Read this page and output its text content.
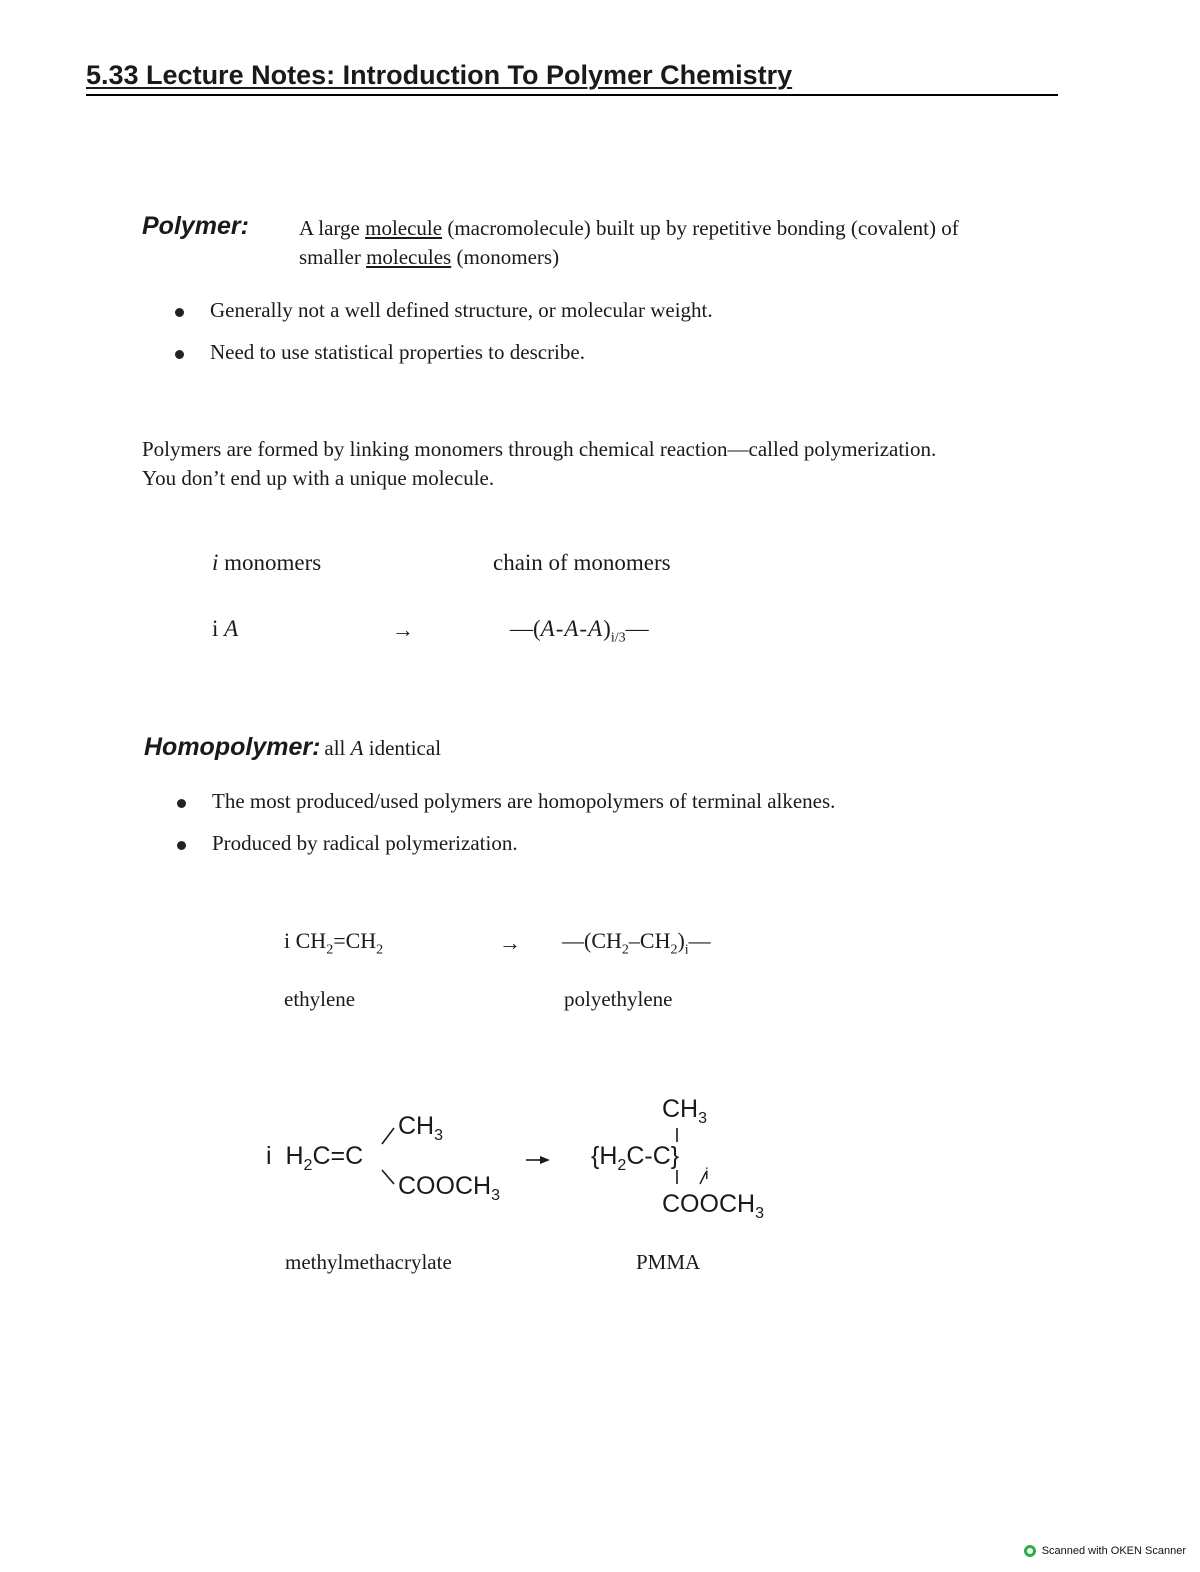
5.33 Lecture Notes: Introduction To Polymer Chemistry
Polymer: A large molecule (macromolecule) built up by repetitive bonding (covalent) of
smaller molecules (monomers)
Generally not a well defined structure, or molecular weight.
Need to use statistical properties to describe.
Polymers are formed by linking monomers through chemical reaction—called polymerization.
You don’t end up with a unique molecule.
i monomers	chain of monomers
i A	→	$—(A-A-A)_{i/3}—$
Homopolymer: all A identical
The most produced/used polymers are homopolymers of terminal alkenes.
Produced by radical polymerization.
i $CH_2=CH_2$	→ $—(CH_2-CH_2)_i—$
ethylene	polyethylene
i $H_2C=C$
$CH_3$
$COOCH_3$
$CH_3$
$\{H_2C-C\}$
i
$COOCH_3$
methylmethacrylate	PMMA
Scanned with OKEN Scanner
